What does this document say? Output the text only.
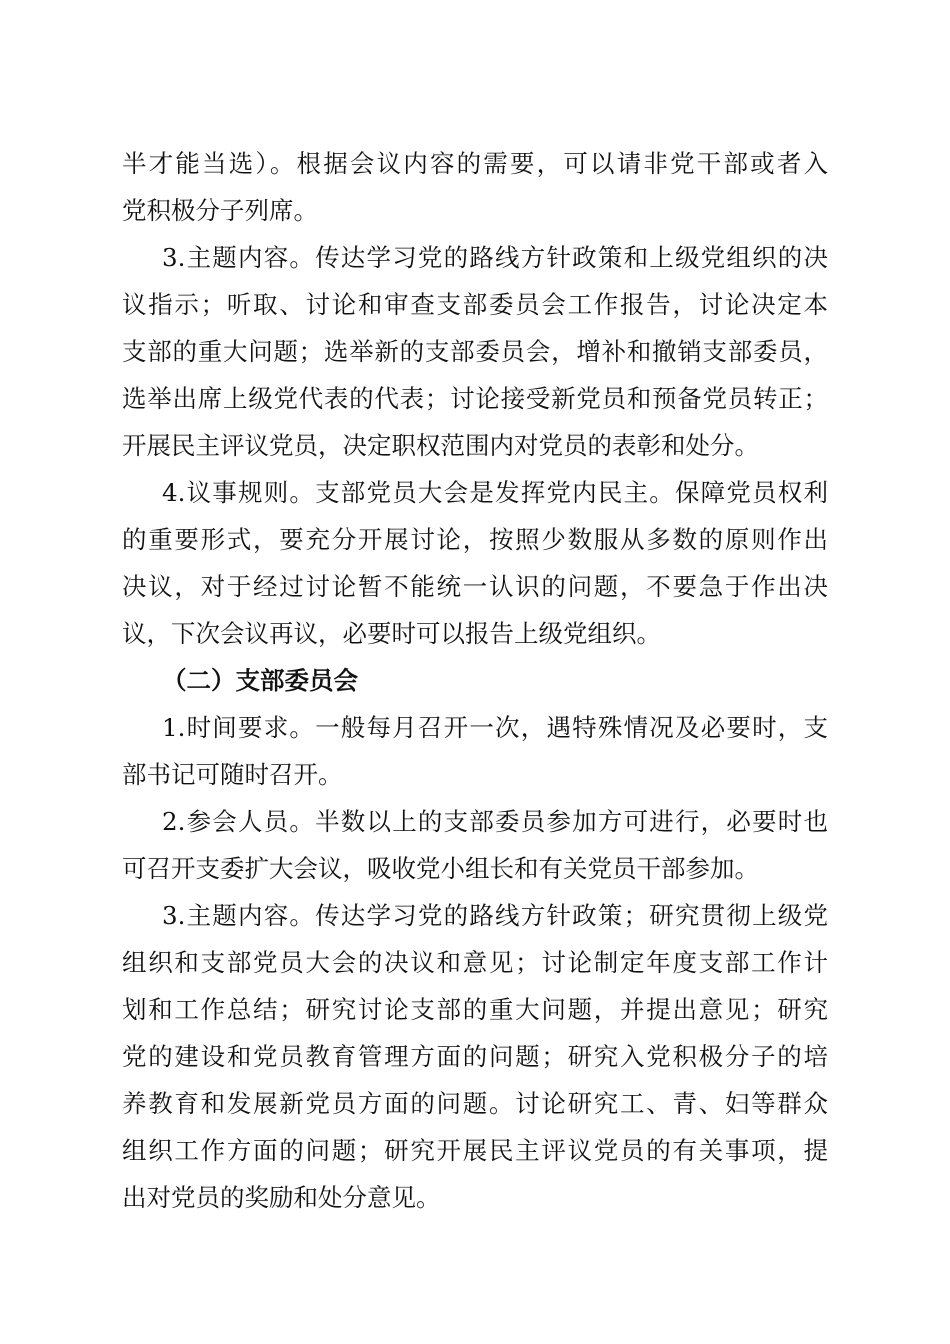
半才能当选）。根据会议内容的需要，可以请非党干部或者入
党积极分子列席。
3.主题内容。传达学习党的路线方针政策和上级党组织的决
议指示；听取、讨论和审查支部委员会工作报告，讨论决定本
支部的重大问题；选举新的支部委员会，增补和撤销支部委员，
选举出席上级党代表的代表；讨论接受新党员和预备党员转正；
开展民主评议党员，决定职权范围内对党员的表彰和处分。
4.议事规则。支部党员大会是发挥党内民主。保障党员权利
的重要形式，要充分开展讨论，按照少数服从多数的原则作出
决议，对于经过讨论暂不能统一认识的问题，不要急于作出决
议，下次会议再议，必要时可以报告上级党组织。
（二）支部委员会
1.时间要求。一般每月召开一次，遇特殊情况及必要时，支
部书记可随时召开。
2.参会人员。半数以上的支部委员参加方可进行，必要时也
可召开支委扩大会议，吸收党小组长和有关党员干部参加。
3.主题内容。传达学习党的路线方针政策；研究贯彻上级党
组织和支部党员大会的决议和意见；讨论制定年度支部工作计
划和工作总结；研究讨论支部的重大问题，并提出意见；研究
党的建设和党员教育管理方面的问题；研究入党积极分子的培
养教育和发展新党员方面的问题。讨论研究工、青、妇等群众
组织工作方面的问题；研究开展民主评议党员的有关事项，提
出对党员的奖励和处分意见。
